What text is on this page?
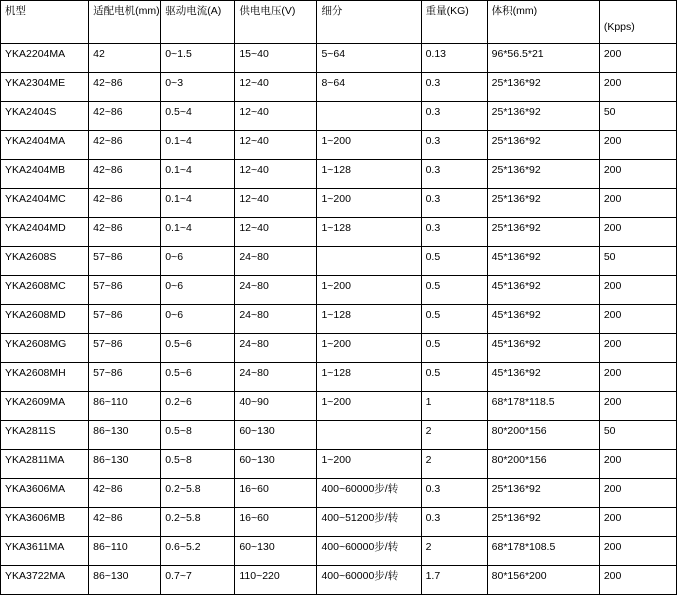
机型	适配电机(mm)	驱动电流(A)	供电电压(V)	细分	重量(KG)	体积(mm)	(Kpps)

YKA2204MA	42	0~1.5	15~40	5~64	0.13	96*56.5*21	200
YKA2304ME	42~86	0~3	12~40	8~64	0.3	25*136*92	200
YKA2404S	42~86	0.5~4	12~40		0.3	25*136*92	50
YKA2404MA	42~86	0.1~4	12~40	1~200	0.3	25*136*92	200
YKA2404MB	42~86	0.1~4	12~40	1~128	0.3	25*136*92	200
YKA2404MC	42~86	0.1~4	12~40	1~200	0.3	25*136*92	200
YKA2404MD	42~86	0.1~4	12~40	1~128	0.3	25*136*92	200
YKA2608S	57~86	0~6	24~80		0.5	45*136*92	50
YKA2608MC	57~86	0~6	24~80	1~200	0.5	45*136*92	200
YKA2608MD	57~86	0~6	24~80	1~128	0.5	45*136*92	200
YKA2608MG	57~86	0.5~6	24~80	1~200	0.5	45*136*92	200
YKA2608MH	57~86	0.5~6	24~80	1~128	0.5	45*136*92	200
YKA2609MA	86~110	0.2~6	40~90	1~200	1	68*178*118.5	200
YKA2811S	86~130	0.5~8	60~130		2	80*200*156	50
YKA2811MA	86~130	0.5~8	60~130	1~200	2	80*200*156	200
YKA3606MA	42~86	0.2~5.8	16~60	400~60000步/转	0.3	25*136*92	200
YKA3606MB	42~86	0.2~5.8	16~60	400~51200步/转	0.3	25*136*92	200
YKA3611MA	86~110	0.6~5.2	60~130	400~60000步/转	2	68*178*108.5	200
YKA3722MA	86~130	0.7~7	110~220	400~60000步/转	1.7	80*156*200	200
